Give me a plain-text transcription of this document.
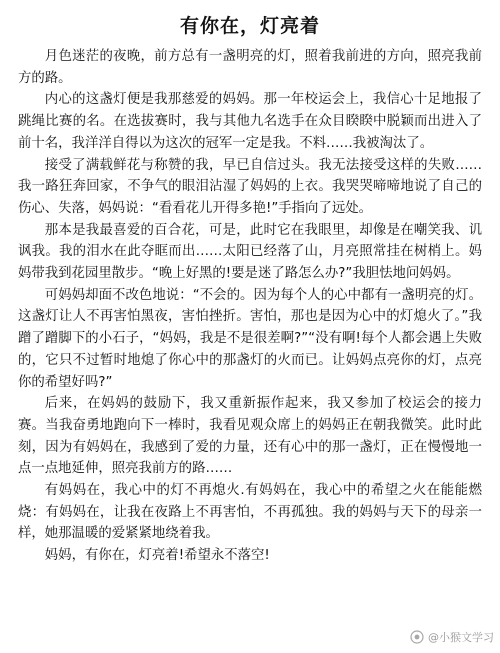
有你在，灯亮着

月色迷茫的夜晚，前方总有一盏明亮的灯，照着我前进的方向，照亮我前方的路。

内心的这盏灯便是我那慈爱的妈妈。那一年校运会上，我信心十足地报了跳绳比赛的名。在选拔赛时，我与其他九名选手在众目睽睽中脱颖而出进入了前十名，我洋洋自得以为这次的冠军一定是我。不料……我被淘汰了。

接受了满载鲜花与称赞的我，早已自信过头。我无法接受这样的失败……我一路狂奔回家，不争气的眼泪沾湿了妈妈的上衣。我哭哭啼啼地说了自己的伤心、失落，妈妈说：“看看花儿开得多艳!”手指向了远处。

那本是我最喜爱的百合花，可是，此时它在我眼里，却像是在嘲笑我、讥讽我。我的泪水在此夺眶而出……太阳已经落了山，月亮照常挂在树梢上。妈妈带我到花园里散步。“晚上好黑的!要是迷了路怎么办?”我胆怯地问妈妈。

可妈妈却面不改色地说：“不会的。因为每个人的心中都有一盏明亮的灯。这盏灯让人不再害怕黑夜，害怕挫折。害怕，那也是因为心中的灯熄火了。”我蹭了蹭脚下的小石子，“妈妈，我是不是很差啊?”“没有啊!每个人都会遇上失败的，它只不过暂时地熄了你心中的那盏灯的火而已。让妈妈点亮你的灯，点亮你的希望好吗?”

后来，在妈妈的鼓励下，我又重新振作起来，我又参加了校运会的接力赛。当我奋勇地跑向下一棒时，我看见观众席上的妈妈正在朝我微笑。此时此刻，因为有妈妈在，我感到了爱的力量，还有心中的那一盏灯，正在慢慢地一点一点地延伸，照亮我前方的路……

有妈妈在，我心中的灯不再熄火.有妈妈在，我心中的希望之火在能能燃烧：有妈妈在，让我在夜路上不再害怕，不再孤独。我的妈妈与天下的母亲一样，她那温暖的爱紧紧地绕着我。

妈妈，有你在，灯亮着!希望永不落空!

@小猴文学习
